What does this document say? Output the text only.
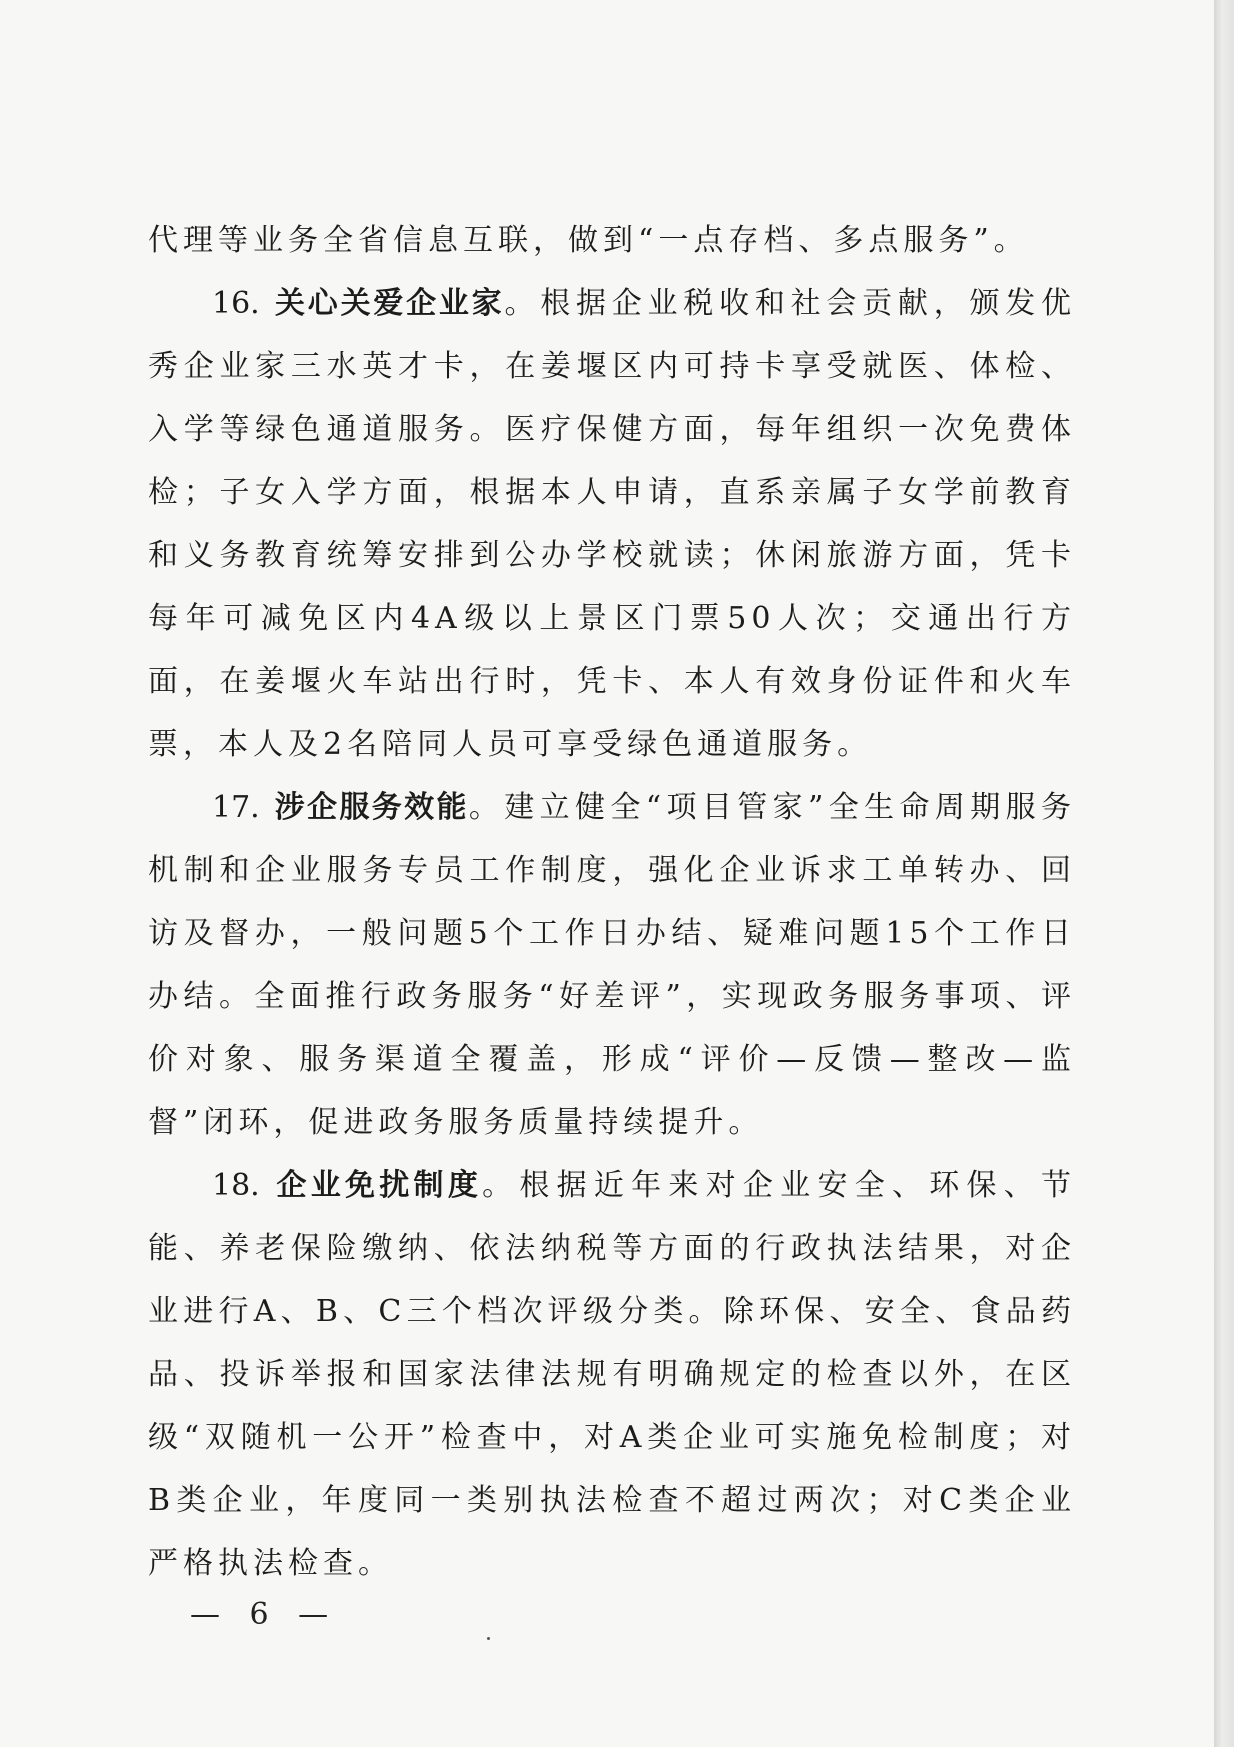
代理等业务全省信息互联，做到“一点存档、多点服务”。

16. 关心关爱企业家。根据企业税收和社会贡献，颁发优秀企业家三水英才卡，在姜堰区内可持卡享受就医、体检、入学等绿色通道服务。医疗保健方面，每年组织一次免费体检；子女入学方面，根据本人申请，直系亲属子女学前教育和义务教育统筹安排到公办学校就读；休闲旅游方面，凭卡每年可减免区内4A级以上景区门票50人次；交通出行方面，在姜堰火车站出行时，凭卡、本人有效身份证件和火车票，本人及2名陪同人员可享受绿色通道服务。

17. 涉企服务效能。建立健全“项目管家”全生命周期服务机制和企业服务专员工作制度，强化企业诉求工单转办、回访及督办，一般问题5个工作日办结、疑难问题15个工作日办结。全面推行政务服务“好差评”，实现政务服务事项、评价对象、服务渠道全覆盖，形成“评价—反馈—整改—监督”闭环，促进政务服务质量持续提升。

18. 企业免扰制度。根据近年来对企业安全、环保、节能、养老保险缴纳、依法纳税等方面的行政执法结果，对企业进行A、B、C三个档次评级分类。除环保、安全、食品药品、投诉举报和国家法律法规有明确规定的检查以外，在区级“双随机一公开”检查中，对A类企业可实施免检制度；对B类企业，年度同一类别执法检查不超过两次；对C类企业严格执法检查。

— 6 —
